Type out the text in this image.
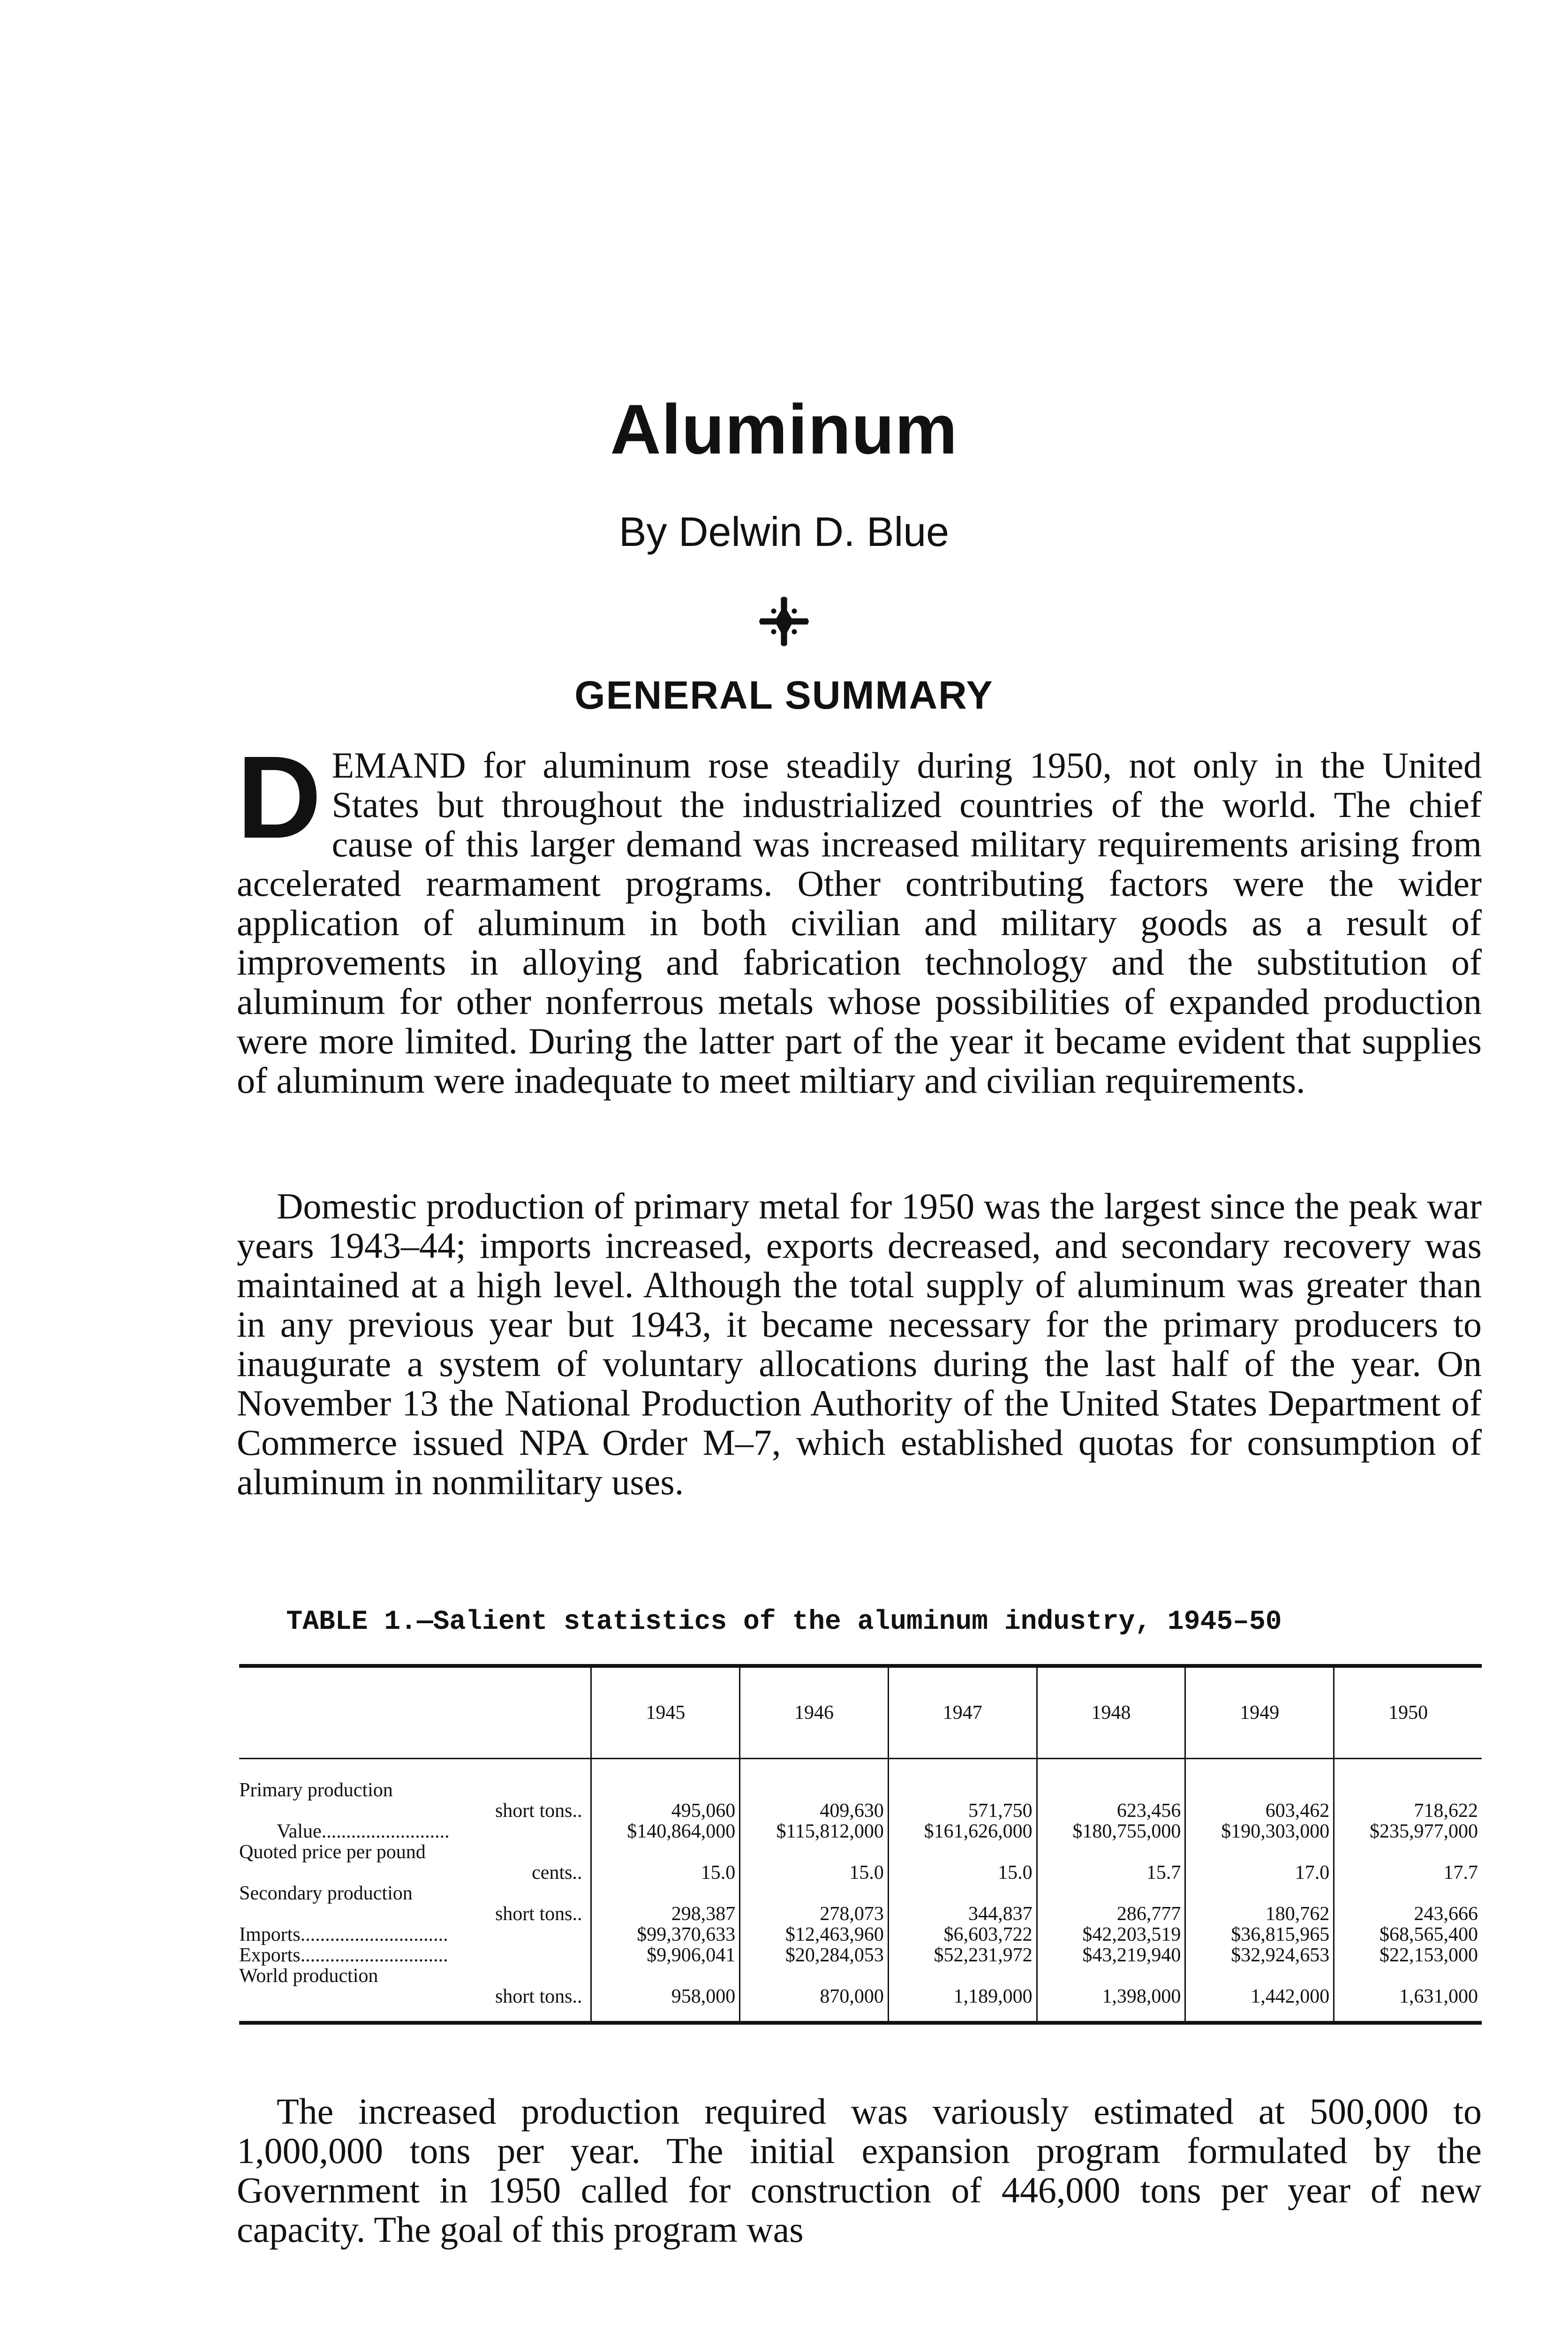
Aluminum
By Delwin D. Blue
GENERAL SUMMARY

DEMAND for aluminum rose steadily during 1950, not only in the United States but throughout the industrialized countries of the world. The chief cause of this larger demand was increased military requirements arising from accelerated rearmament programs. Other contributing factors were the wider application of aluminum in both civilian and military goods as a result of improvements in alloying and fabrication technology and the substitution of aluminum for other nonferrous metals whose possibilities of expanded production were more limited. During the latter part of the year it became evident that supplies of aluminum were inadequate to meet miltiary and civilian requirements.

Domestic production of primary metal for 1950 was the largest since the peak war years 1943–44; imports increased, exports decreased, and secondary recovery was maintained at a high level. Although the total supply of aluminum was greater than in any previous year but 1943, it became necessary for the primary producers to inaugurate a system of voluntary allocations during the last half of the year. On November 13 the National Production Authority of the United States Department of Commerce issued NPA Order M–7, which established quotas for consumption of aluminum in nonmilitary uses.

TABLE 1.—Salient statistics of the aluminum industry, 1945–50
	1945	1946	1947	1948	1949	1950

Primary production
short tons..	495,060	409,630	571,750	623,456	603,462	718,622

Value..........................	$140,864,000	$115,812,000	$161,626,000	$180,755,000	$190,303,000	$235,977,000

Quoted price per pound
cents..	15.0	15.0	15.0	15.7	17.0	17.7

Secondary production
short tons..	298,387	278,073	344,837	286,777	180,762	243,666

Imports..............................	$99,370,633	$12,463,960	$6,603,722	$42,203,519	$36,815,965	$68,565,400

Exports..............................	$9,906,041	$20,284,053	$52,231,972	$43,219,940	$32,924,653	$22,153,000

World production
short tons..	958,000	870,000	1,189,000	1,398,000	1,442,000	1,631,000

The increased production required was variously estimated at 500,000 to 1,000,000 tons per year. The initial expansion program formulated by the Government in 1950 called for construction of 446,000 tons per year of new capacity. The goal of this program was
